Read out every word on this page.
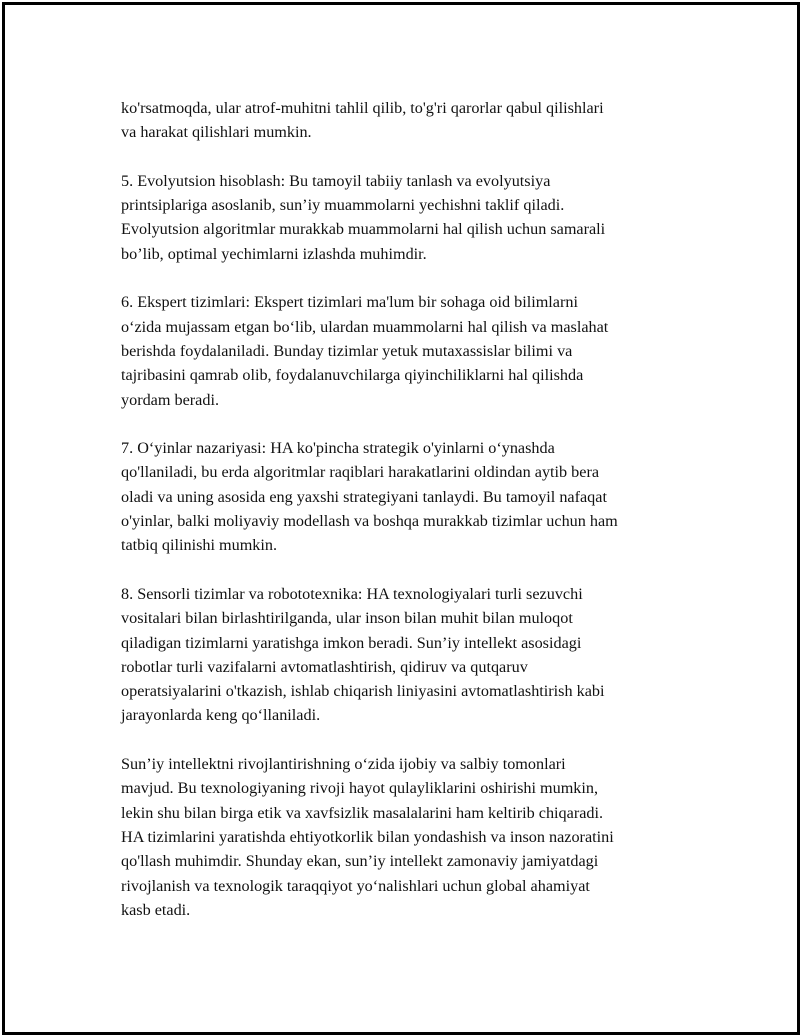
ko'rsatmoqda, ular atrof-muhitni tahlil qilib, to'g'ri qarorlar qabul qilishlari
va harakat qilishlari mumkin.

5. Evolyutsion hisoblash: Bu tamoyil tabiiy tanlash va evolyutsiya
printsiplariga asoslanib, sun’iy muammolarni yechishni taklif qiladi.
Evolyutsion algoritmlar murakkab muammolarni hal qilish uchun samarali
bo’lib, optimal yechimlarni izlashda muhimdir.

6. Ekspert tizimlari: Ekspert tizimlari ma'lum bir sohaga oid bilimlarni
o‘zida mujassam etgan bo‘lib, ulardan muammolarni hal qilish va maslahat
berishda foydalaniladi. Bunday tizimlar yetuk mutaxassislar bilimi va
tajribasini qamrab olib, foydalanuvchilarga qiyinchiliklarni hal qilishda
yordam beradi.

7. O‘yinlar nazariyasi: HA ko'pincha strategik o'yinlarni o‘ynashda
qo'llaniladi, bu erda algoritmlar raqiblari harakatlarini oldindan aytib bera
oladi va uning asosida eng yaxshi strategiyani tanlaydi. Bu tamoyil nafaqat
o'yinlar, balki moliyaviy modellash va boshqa murakkab tizimlar uchun ham
tatbiq qilinishi mumkin.

8. Sensorli tizimlar va robototexnika: HA texnologiyalari turli sezuvchi
vositalari bilan birlashtirilganda, ular inson bilan muhit bilan muloqot
qiladigan tizimlarni yaratishga imkon beradi. Sun’iy intellekt asosidagi
robotlar turli vazifalarni avtomatlashtirish, qidiruv va qutqaruv
operatsiyalarini o'tkazish, ishlab chiqarish liniyasini avtomatlashtirish kabi
jarayonlarda keng qo‘llaniladi.

Sun’iy intellektni rivojlantirishning o‘zida ijobiy va salbiy tomonlari
mavjud. Bu texnologiyaning rivoji hayot qulayliklarini oshirishi mumkin,
lekin shu bilan birga etik va xavfsizlik masalalarini ham keltirib chiqaradi.
HA tizimlarini yaratishda ehtiyotkorlik bilan yondashish va inson nazoratini
qo'llash muhimdir. Shunday ekan, sun’iy intellekt zamonaviy jamiyatdagi
rivojlanish va texnologik taraqqiyot yo‘nalishlari uchun global ahamiyat
kasb etadi.
